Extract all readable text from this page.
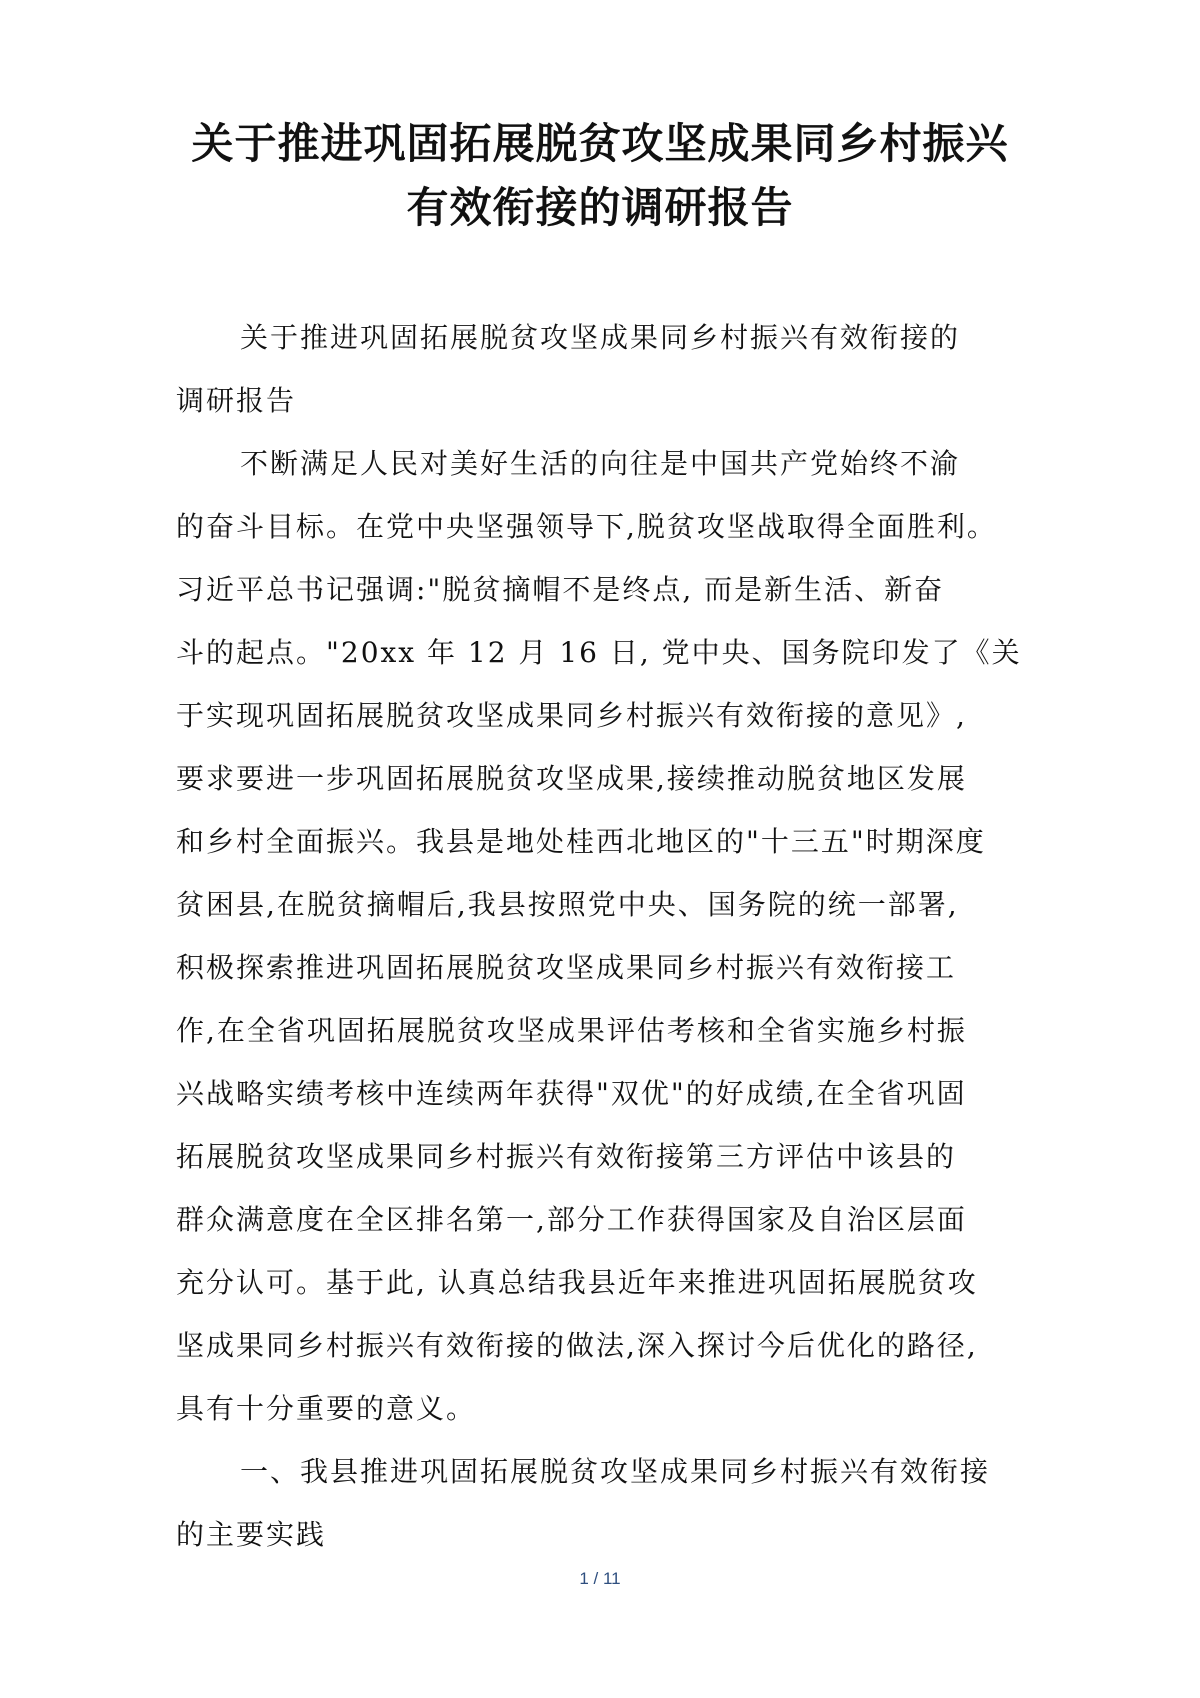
关于推进巩固拓展脱贫攻坚成果同乡村振兴
有效衔接的调研报告

关于推进巩固拓展脱贫攻坚成果同乡村振兴有效衔接的
调研报告

不断满足人民对美好生活的向往是中国共产党始终不渝
的奋斗目标。在党中央坚强领导下,脱贫攻坚战取得全面胜利。
习近平总书记强调:"脱贫摘帽不是终点, 而是新生活、新奋
斗的起点。"20xx 年 12 月 16 日, 党中央、国务院印发了《关
于实现巩固拓展脱贫攻坚成果同乡村振兴有效衔接的意见》,
要求要进一步巩固拓展脱贫攻坚成果,接续推动脱贫地区发展
和乡村全面振兴。我县是地处桂西北地区的"十三五"时期深度
贫困县,在脱贫摘帽后,我县按照党中央、国务院的统一部署,
积极探索推进巩固拓展脱贫攻坚成果同乡村振兴有效衔接工
作,在全省巩固拓展脱贫攻坚成果评估考核和全省实施乡村振
兴战略实绩考核中连续两年获得"双优"的好成绩,在全省巩固
拓展脱贫攻坚成果同乡村振兴有效衔接第三方评估中该县的
群众满意度在全区排名第一,部分工作获得国家及自治区层面
充分认可。基于此, 认真总结我县近年来推进巩固拓展脱贫攻
坚成果同乡村振兴有效衔接的做法,深入探讨今后优化的路径,
具有十分重要的意义。

一、我县推进巩固拓展脱贫攻坚成果同乡村振兴有效衔接
的主要实践

1 / 11
